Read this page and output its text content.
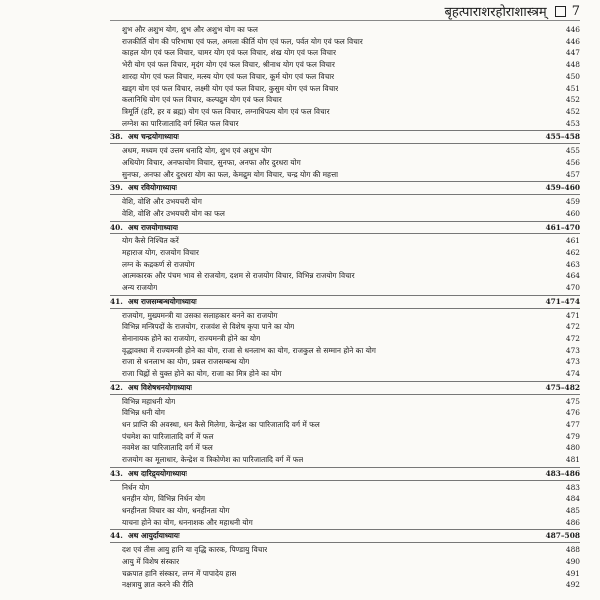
बृहत्पाराशरहोराशास्त्रम् 7
शुभ और अशुभ योग, शुभ और अशुभ योग का फल	446
राजकीर्ति योग की परिभाषा एवं फल, अमला कीर्ति योग एवं फल, पर्वत योग एवं फल विचार	446
काहल योग एवं फल विचार, चामर योग एवं फल विचार, शंख योग एवं फल विचार	447
भेरी योग एवं फल विचार, मृदंग योग एवं फल विचार, श्रीनाथ योग एवं फल विचार	448
शारदा योग एवं फल विचार, मत्स्य योग एवं फल विचार, कूर्म योग एवं फल विचार	450
खड्ग योग एवं फल विचार, लक्ष्मी योग एवं फल विचार, कुसुम योग एवं फल विचार	451
कलानिधि योग एवं फल विचार, कल्पद्रुम योग एवं फल विचार	452
त्रिमूर्ति (हरि, हर व ब्रह्म) योग एवं फल विचार, लग्नाधिपत्य योग एवं फल विचार	452
लग्नेश का पारिजातादि वर्ग स्थित फल विचार	453
38. अथ चन्द्रयोगाध्यायः	455–458
अधम, मध्यम एवं उत्तम धनादि योग, शुभ एवं अशुभ योग	455
अधियोग विचार, अनफायोग विचार, सुनफा, अनफा और दुरधरा योग	456
सुनफा, अनफा और दुरधरा योग का फल, केमद्रुम योग विचार, चन्द्र योग की महत्ता	457
39. अथ रवियोगाध्यायः	459–460
वेशि, वोशि और उभयचरी योग	459
वेशि, वोशि और उभयचरी योग का फल	460
40. अथ राजयोगाध्यायः	461–470
योग कैसे निश्चित करें	461
महाराज योग, राजयोग विचार	462
लग्न के कद्रकर्ण से राजयोग	463
आत्मकारक और पंचम भाव से राजयोग, दशम से राजयोग विचार, विभिन्न राजयोग विचार	464
अन्य राजयोग	470
41. अथ राजसम्बन्धयोगाध्यायः	471–474
राजयोग, मुख्यमन्त्री या उसका सलाहकार बनने का राजयोग	471
विभिन्न मन्त्रिपदों के राजयोग, राजवंश से विशेष कृपा पाने का योग	472
सेनानायक होने का राजयोग, राज्यमन्त्री होने का योग	472
वृद्धावस्था में राज्यमन्त्री होने का योग, राजा से धनलाभ का योग, राजकुल से सम्मान होने का योग	473
राजा से धनलाभ का योग, प्रबल राजसम्बन्ध योग	473
राजा चिह्नों से युक्त होने का योग, राजा का मित्र होने का योग	474
42. अथ विशेषधनयोगाध्यायः	475–482
विभिन्न महाधनी योग	475
विभिन्न धनी योग	476
धन प्राप्ति की अवस्था, धन कैसे मिलेगा, केन्द्रेश का पारिजातादि वर्ग में फल	477
पंचमेश का पारिजातादि वर्ग में फल	479
नवमेश का पारिजातादि वर्ग में फल	480
राजयोग का मूलाधार, केन्द्रेश व त्रिकोणेश का पारिजातादि वर्ग में फल	481
43. अथ दारिद्र्ययोगाध्यायः	483–486
निर्धन योग	483
धनहीन योग, विभिन्न निर्धन योग	484
धनहीनता विचार का योग, धनहीनता योग	485
याचना होने का योग, धननाशक और महाधनी योग	486
44. अथ आयुर्दायाध्यायः	487–508
दश एवं तीस आयु हानि या वृद्धि कारक, पिण्डायु विचार	488
आयु में विशेष संस्कार	490
चक्रपात हानि संस्कार, लग्न में पापादेय हास	491
नक्षत्रायु ज्ञात करने की रीति	492
